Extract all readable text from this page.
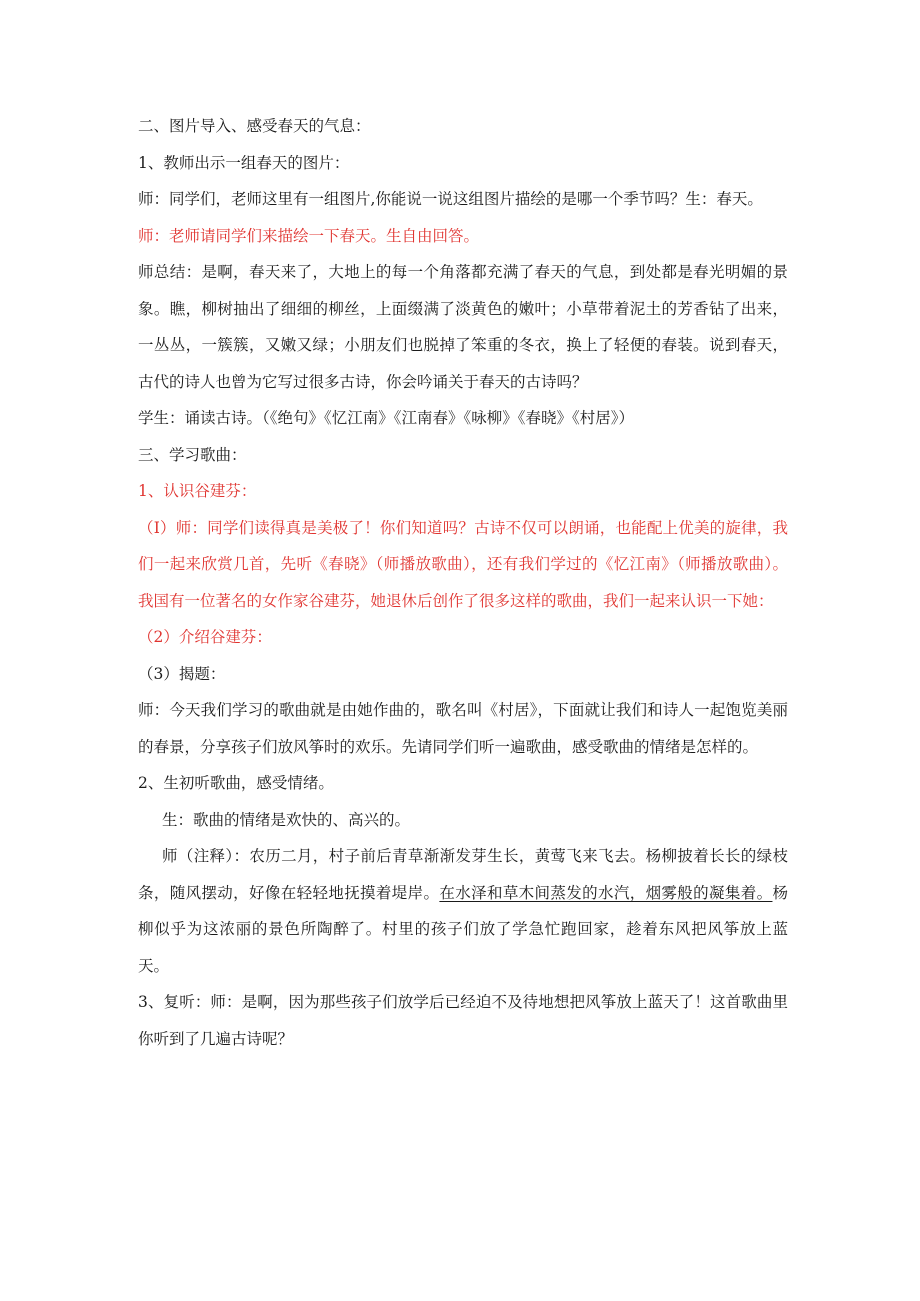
二、图片导入、感受春天的气息：

1、教师出示一组春天的图片：

师：同学们，老师这里有一组图片,你能说一说这组图片描绘的是哪一个季节吗？生：春天。

师：老师请同学们来描绘一下春天。生自由回答。

师总结：是啊，春天来了，大地上的每一个角落都充满了春天的气息，到处都是春光明媚的景象。瞧，柳树抽出了细细的柳丝，上面缀满了淡黄色的嫩叶；小草带着泥土的芳香钻了出来，一丛丛，一簇簇，又嫩又绿；小朋友们也脱掉了笨重的冬衣，换上了轻便的春装。说到春天，古代的诗人也曾为它写过很多古诗，你会吟诵关于春天的古诗吗？

学生：诵读古诗。（《绝句》《忆江南》《江南春》《咏柳》《春晓》《村居》）

三、学习歌曲：

1、认识谷建芬：

（I）师：同学们读得真是美极了！你们知道吗？古诗不仅可以朗诵，也能配上优美的旋律，我们一起来欣赏几首，先听《春晓》（师播放歌曲），还有我们学过的《忆江南》（师播放歌曲）。我国有一位著名的女作家谷建芬，她退休后创作了很多这样的歌曲，我们一起来认识一下她：

（2）介绍谷建芬：

（3）揭题：

师：今天我们学习的歌曲就是由她作曲的，歌名叫《村居》，下面就让我们和诗人一起饱览美丽的春景，分享孩子们放风筝时的欢乐。先请同学们听一遍歌曲，感受歌曲的情绪是怎样的。

2、生初听歌曲，感受情绪。

生：歌曲的情绪是欢快的、高兴的。

师（注释）：农历二月，村子前后青草渐渐发芽生长，黄莺飞来飞去。杨柳披着长长的绿枝条，随风摆动，好像在轻轻地抚摸着堤岸。在水泽和草木间蒸发的水汽，烟雾般的凝集着。杨柳似乎为这浓丽的景色所陶醉了。村里的孩子们放了学急忙跑回家，趁着东风把风筝放上蓝天。

3、复听：师：是啊，因为那些孩子们放学后已经迫不及待地想把风筝放上蓝天了！这首歌曲里你听到了几遍古诗呢？
